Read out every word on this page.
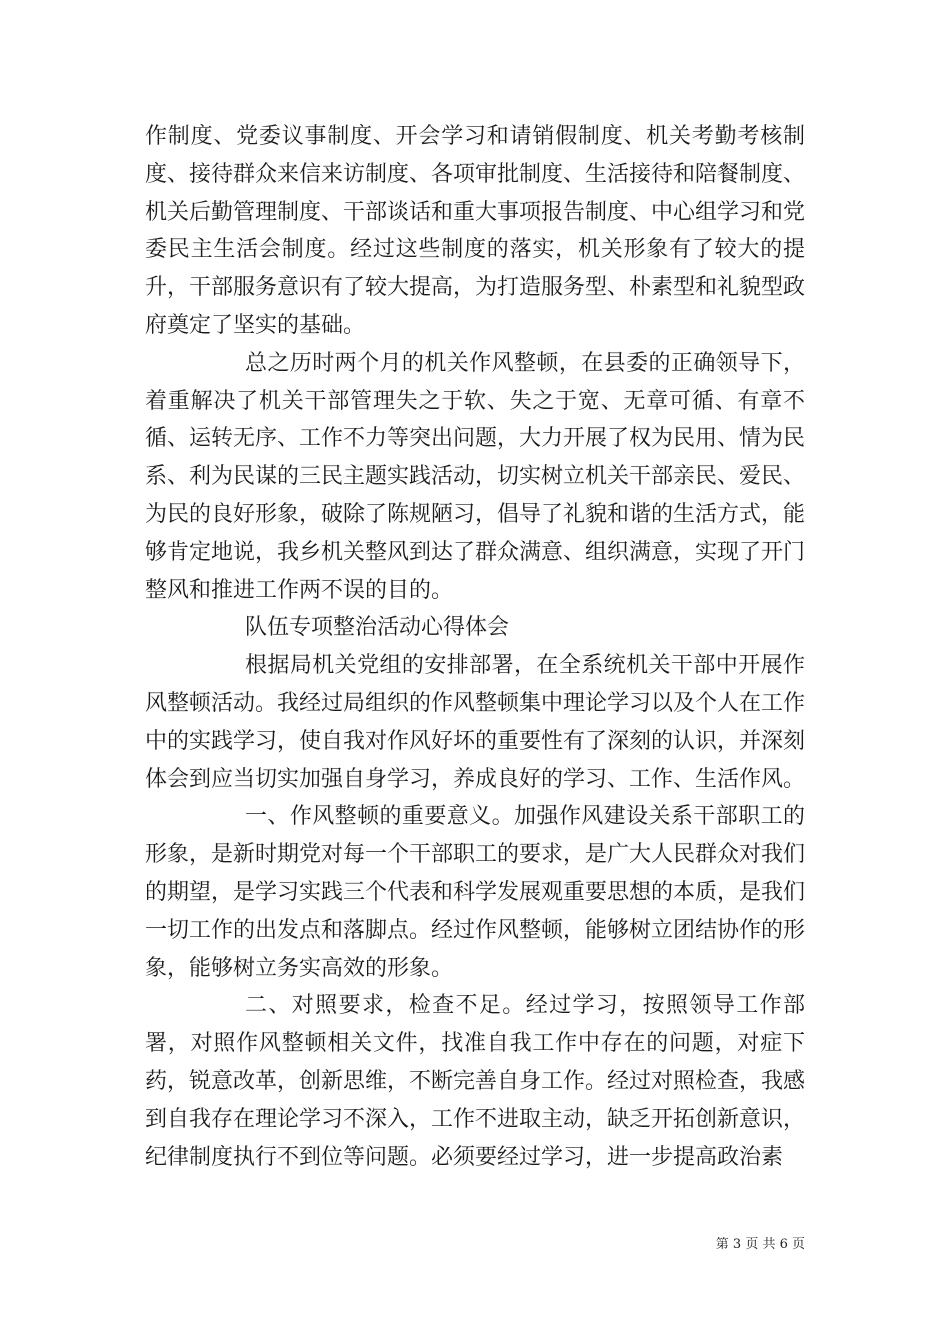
作制度、党委议事制度、开会学习和请销假制度、机关考勤考核制度、接待群众来信来访制度、各项审批制度、生活接待和陪餐制度、机关后勤管理制度、干部谈话和重大事项报告制度、中心组学习和党委民主生活会制度。经过这些制度的落实，机关形象有了较大的提升，干部服务意识有了较大提高，为打造服务型、朴素型和礼貌型政府奠定了坚实的基础。

总之历时两个月的机关作风整顿，在县委的正确领导下，着重解决了机关干部管理失之于软、失之于宽、无章可循、有章不循、运转无序、工作不力等突出问题，大力开展了权为民用、情为民系、利为民谋的三民主题实践活动，切实树立机关干部亲民、爱民、为民的良好形象，破除了陈规陋习，倡导了礼貌和谐的生活方式，能够肯定地说，我乡机关整风到达了群众满意、组织满意，实现了开门整风和推进工作两不误的目的。

队伍专项整治活动心得体会

根据局机关党组的安排部署，在全系统机关干部中开展作风整顿活动。我经过局组织的作风整顿集中理论学习以及个人在工作中的实践学习，使自我对作风好坏的重要性有了深刻的认识，并深刻体会到应当切实加强自身学习，养成良好的学习、工作、生活作风。

一、作风整顿的重要意义。加强作风建设关系干部职工的形象，是新时期党对每一个干部职工的要求，是广大人民群众对我们的期望，是学习实践三个代表和科学发展观重要思想的本质，是我们一切工作的出发点和落脚点。经过作风整顿，能够树立团结协作的形象，能够树立务实高效的形象。

二、对照要求，检查不足。经过学习，按照领导工作部署，对照作风整顿相关文件，找准自我工作中存在的问题，对症下药，锐意改革，创新思维，不断完善自身工作。经过对照检查，我感到自我存在理论学习不深入，工作不进取主动，缺乏开拓创新意识，纪律制度执行不到位等问题。必须要经过学习，进一步提高政治素

第 3 页 共 6 页
